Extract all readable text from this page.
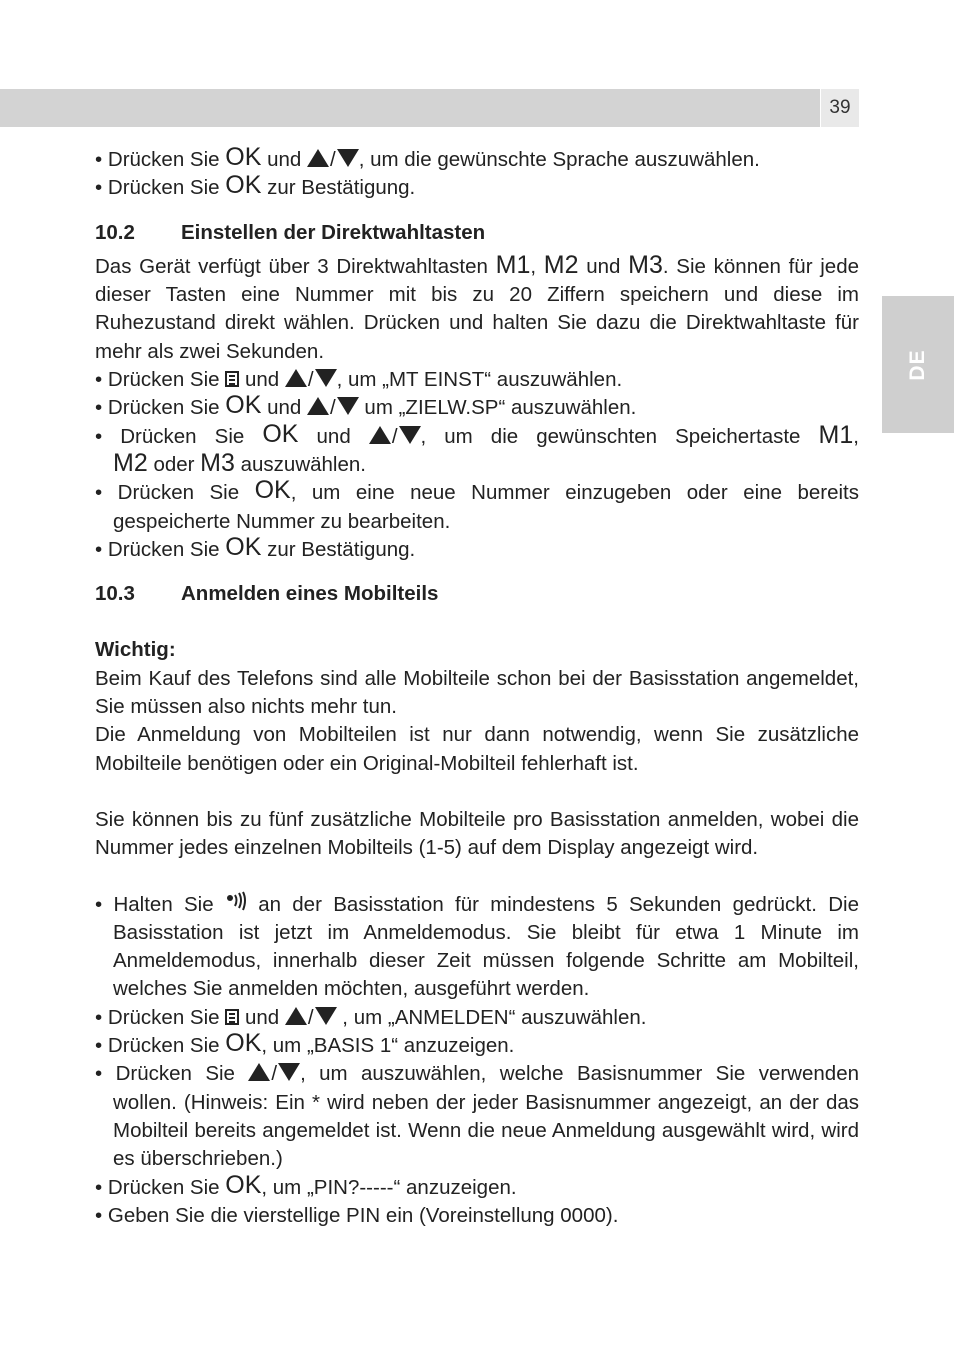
39
DE
• Drücken Sie OK und / , um die gewünschte Sprache auszuwählen.
• Drücken Sie OK zur Bestätigung.
10.2 Einstellen der Direktwahltasten
Das Gerät verfügt über 3 Direktwahltasten M1, M2 und M3. Sie können für jede dieser Tasten eine Nummer mit bis zu 20 Ziffern speichern und diese im Ruhezustand direkt wählen. Drücken und halten Sie dazu die Direktwahltaste für mehr als zwei Sekunden.
• Drücken Sie und / , um „MT EINST“ auszuwählen.
• Drücken Sie OK und / um „ZIELW.SP“ auszuwählen.
• Drücken Sie OK und / , um die gewünschten Speichertaste M1,
M2 oder M3 auszuwählen.
• Drücken Sie OK, um eine neue Nummer einzugeben oder eine bereits gespeicherte Nummer zu bearbeiten.
• Drücken Sie OK zur Bestätigung.
10.3 Anmelden eines Mobilteils
Wichtig:
Beim Kauf des Telefons sind alle Mobilteile schon bei der Basisstation angemeldet, Sie müssen also nichts mehr tun.
Die Anmeldung von Mobilteilen ist nur dann notwendig, wenn Sie zusätzliche Mobilteile benötigen oder ein Original-Mobilteil fehlerhaft ist.
Sie können bis zu fünf zusätzliche Mobilteile pro Basisstation anmelden, wobei die Nummer jedes einzelnen Mobilteils (1-5) auf dem Display angezeigt wird.
• Halten Sie an der Basisstation für mindestens 5 Sekunden gedrückt. Die Basisstation ist jetzt im Anmeldemodus. Sie bleibt für etwa 1 Minute im Anmeldemodus, innerhalb dieser Zeit müssen folgende Schritte am Mobilteil, welches Sie anmelden möchten, ausgeführt werden.
• Drücken Sie und / , um „ANMELDEN“ auszuwählen.
• Drücken Sie OK, um „BASIS 1“ anzuzeigen.
• Drücken Sie / , um auszuwählen, welche Basisnummer Sie verwenden wollen. (Hinweis: Ein * wird neben der jeder Basisnummer angezeigt, an der das Mobilteil bereits angemeldet ist. Wenn die neue Anmeldung ausgewählt wird, wird es überschrieben.)
• Drücken Sie OK, um „PIN?-----“ anzuzeigen.
• Geben Sie die vierstellige PIN ein (Voreinstellung 0000).
